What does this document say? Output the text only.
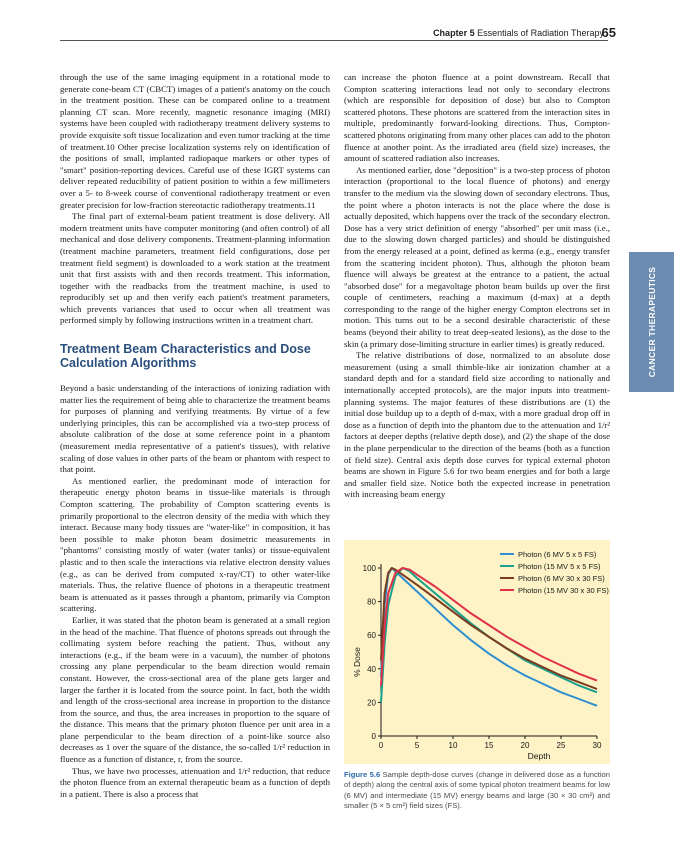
Chapter 5 Essentials of Radiation Therapy
65
CANCER THERAPEUTICS

through the use of the same imaging equipment in a rotational mode to generate cone-beam CT (CBCT) images of a patient's anatomy on the couch in the treatment position. These can be compared online to a treatment planning CT scan. More recently, magnetic resonance imaging (MRI) systems have been coupled with radiotherapy treatment delivery systems to provide exquisite soft tissue localization and even tumor tracking at the time of treatment.10 Other precise localization systems rely on identification of the positions of small, implanted radiopaque markers or other types of "smart" position-reporting devices. Careful use of these IGRT systems can deliver repeated reducibility of patient position to within a few millimeters over a 5- to 8-week course of conventional radiotherapy treatment or even greater precision for low-fraction stereotactic radiotherapy treatments.11

The final part of external-beam patient treatment is dose delivery. All modern treatment units have computer monitoring (and often control) of all mechanical and dose delivery components. Treatment-planning information (treatment machine parameters, treatment field configurations, dose per treatment field segment) is downloaded to a work station at the treatment unit that first assists with and then records treatment. This information, together with the readbacks from the treatment machine, is used to reproducibly set up and then verify each patient's treatment parameters, which prevents variances that used to occur when all treatment was performed simply by following instructions written in a treatment chart.

Treatment Beam Characteristics and Dose Calculation Algorithms

Beyond a basic understanding of the interactions of ionizing radiation with matter lies the requirement of being able to characterize the treatment beams for purposes of planning and verifying treatments. By virtue of a few underlying principles, this can be accomplished via a two-step process of absolute calibration of the dose at some reference point in a phantom (measurement media representative of a patient's tissues), with relative scaling of dose values in other parts of the beam or phantom with respect to that point.

As mentioned earlier, the predominant mode of interaction for therapeutic energy photon beams in tissue-like materials is through Compton scattering. The probability of Compton scattering events is primarily proportional to the electron density of the media with which they interact. Because many body tissues are "water-like" in composition, it has been possible to make photon beam dosimetric measurements in "phantoms" consisting mostly of water (water tanks) or tissue-equivalent plastic and to then scale the interactions via relative electron density values (e.g., as can be derived from computed x-ray/CT) to other water-like materials. Thus, the relative fluence of photons in a therapeutic treatment beam is attenuated as it passes through a phantom, primarily via Compton scattering.

Earlier, it was stated that the photon beam is generated at a small region in the head of the machine. That fluence of photons spreads out through the collimating system before reaching the patient. Thus, without any interactions (e.g., if the beam were in a vacuum), the number of photons crossing any plane perpendicular to the beam direction would remain constant. However, the cross-sectional area of the plane gets larger and larger the farther it is located from the source point. In fact, both the width and length of the cross-sectional area increase in proportion to the distance from the source, and thus, the area increases in proportion to the square of the distance. This means that the primary photon fluence per unit area in a plane perpendicular to the beam direction of a point-like source also decreases as 1 over the square of the distance, the so-called 1/r² reduction in fluence as a function of distance, r, from the source.

Thus, we have two processes, attenuation and 1/r² reduction, that reduce the photon fluence from an external therapeutic beam as a function of depth in a patient. There is also a process that

can increase the photon fluence at a point downstream. Recall that Compton scattering interactions lead not only to secondary electrons (which are responsible for deposition of dose) but also to Compton scattered photons. These photons are scattered from the interaction sites in multiple, predominantly forward-looking directions. Thus, Compton-scattered photons originating from many other places can add to the photon fluence at another point. As the irradiated area (field size) increases, the amount of scattered radiation also increases.

As mentioned earlier, dose "deposition" is a two-step process of photon interaction (proportional to the local fluence of photons) and energy transfer to the medium via the slowing down of secondary electrons. Thus, the point where a photon interacts is not the place where the dose is actually deposited, which happens over the track of the secondary electron. Dose has a very strict definition of energy "absorbed" per unit mass (i.e., due to the slowing down charged particles) and should be distinguished from the energy released at a point, defined as kerma (e.g., energy transfer from the scattering incident photon). Thus, although the photon beam fluence will always be greatest at the entrance to a patient, the actual "absorbed dose" for a megavoltage photon beam builds up over the first couple of centimeters, reaching a maximum (d-max) at a depth corresponding to the range of the higher energy Compton electrons set in motion. This turns out to be a second desirable characteristic of these beams (beyond their ability to treat deep-seated lesions), as the dose to the skin (a primary dose-limiting structure in earlier times) is greatly reduced.

The relative distributions of dose, normalized to an absolute dose measurement (using a small thimble-like air ionization chamber at a standard depth and for a standard field size according to nationally and internationally accepted protocols), are the major inputs into treatment-planning systems. The major features of these distributions are (1) the initial dose buildup up to a depth of d-max, with a more gradual drop off in dose as a function of depth into the phantom due to the attenuation and 1/r² factors at deeper depths (relative depth dose), and (2) the shape of the dose in the plane perpendicular to the direction of the beams (both as a function of field size). Central axis depth dose curves for typical external photon beams are shown in Figure 5.6 for two beam energies and for both a large and smaller field size. Notice both the expected increase in penetration with increasing beam energy

0	5	10	15	20	25	30
0
20
40
60
80
100
Depth
% Dose
Photon (6 MV 5 x 5 FS)
Photon (15 MV 5 x 5 FS)
Photon (6 MV 30 x 30 FS)
Photon (15 MV 30 x 30 FS)
Figure 5.6 Sample depth-dose curves (change in delivered dose as a function of depth) along the central axis of some typical photon treatment beams for low (6 MV) and intermediate (15 MV) energy beams and large (30 × 30 cm²) and smaller (5 × 5 cm²) field sizes (FS).
